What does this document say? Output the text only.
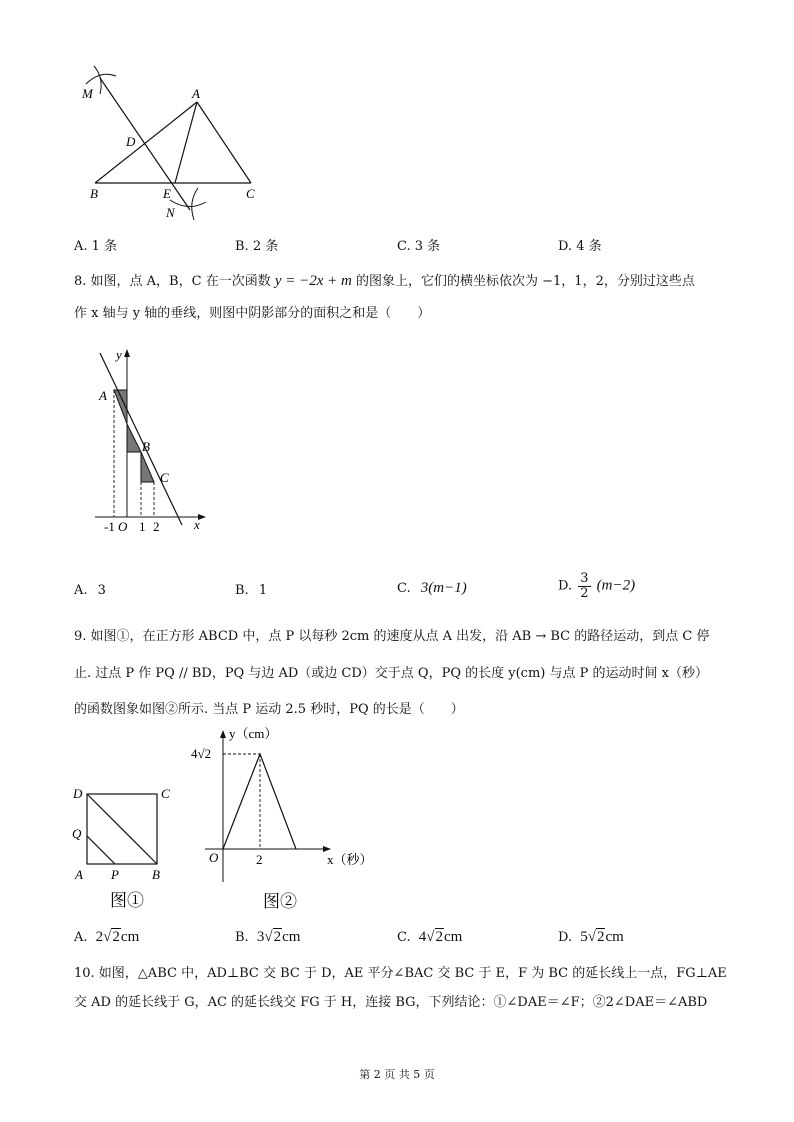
M	A
D
B	E	C
N
A. 1 条	B. 2 条	C. 3 条	D. 4 条
8. 如图，点 A，B，C 在一次函数 y = −2x + m 的图象上，它们的横坐标依次为 −1，1，2，分别过这些点
作 x 轴与 y 轴的垂线，则图中阴影部分的面积之和是（　　）
y
A
B
C
-1 O 1 2	x
A. 3	B. 1	C. 3(m−1)	D. $\frac{3}{2} (m-2)$
9. 如图①，在正方形 ABCD 中，点 P 以每秒 2cm 的速度从点 A 出发，沿 AB → BC 的路径运动，到点 C 停
止. 过点 P 作 PQ // BD，PQ 与边 AD（或边 CD）交于点 Q，PQ 的长度 y(cm) 与点 P 的运动时间 x（秒）
的函数图象如图②所示. 当点 P 运动 2.5 秒时，PQ 的长是（　　）
D	C
Q
A P	B
图①
y（cm）
4√2
O	2	x（秒）
图②
A. 2√2cm	B. 3√2cm	C. 4√2cm	D. 5√2cm
10. 如图，△ABC 中，AD⊥BC 交 BC 于 D，AE 平分∠BAC 交 BC 于 E，F 为 BC 的延长线上一点，FG⊥AE
交 AD 的延长线于 G，AC 的延长线交 FG 于 H，连接 BG，下列结论：①∠DAE＝∠F；②2∠DAE＝∠ABD
第 2 页 共 5 页
